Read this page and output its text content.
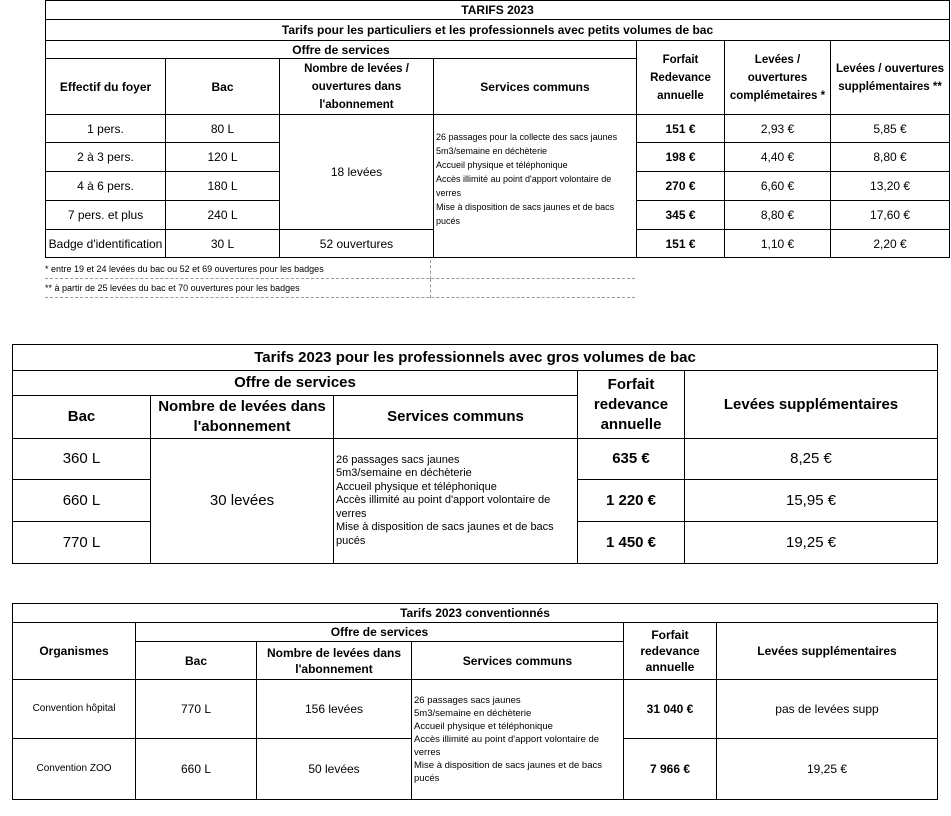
TARIFS 2023						
Tarifs pour les particuliers et les professionnels avec petits volumes de bac						
Offre de services				Forfait Redevance annuelle	Levées / ouvertures complémetaires *	Levées / ouvertures supplémentaires **
Effectif du foyer	Bac	Nombre de levées / ouvertures dans l'abonnement	Services communs			
1 pers.	80 L	18 levées	26 passages pour la collecte des sacs jaunes
5m3/semaine en déchèterie
Accueil physique et téléphonique
Accès illimité au point d'apport volontaire de verres
Mise à disposition de sacs jaunes et de bacs pucés	151 €	2,93 €	5,85 €
2 à 3 pers.	120 L			198 €	4,40 €	8,80 €
4 à 6 pers.	180 L			270 €	6,60 €	13,20 €
7 pers. et plus	240 L			345 €	8,80 €	17,60 €
Badge d'identification	30 L	52 ouvertures		151 €	1,10 €	2,20 €
* entre 19 et 24 levées du bac ou 52 et 69 ouvertures pour les badges
** à partir de 25 levées du bac et 70 ouvertures pour les badges
Tarifs 2023 pour les professionnels avec gros volumes de bac				
Offre de services			Forfait redevance annuelle	Levées supplémentaires
Bac	Nombre de levées dans l'abonnement	Services communs		
360 L	30 levées	26 passages sacs jaunes
5m3/semaine en déchèterie
Accueil physique et téléphonique
Accès illimité au point d'apport volontaire de verres
Mise à disposition de sacs jaunes et de bacs pucés	635 €	8,25 €
660 L			1 220 €	15,95 €
770 L			1 450 €	19,25 €
Tarifs 2023 conventionnés					
Organismes	Offre de services			Forfait redevance annuelle	Levées supplémentaires
	Bac	Nombre de levées dans l'abonnement	Services communs		
Convention hôpital	770 L	156 levées	26 passages sacs jaunes
5m3/semaine en déchèterie
Accueil physique et téléphonique
Accès illimité au point d'apport volontaire de verres
Mise à disposition de sacs jaunes et de bacs pucés	31 040 €	pas de levées supp
Convention ZOO	660 L	50 levées		7 966 €	19,25 €
